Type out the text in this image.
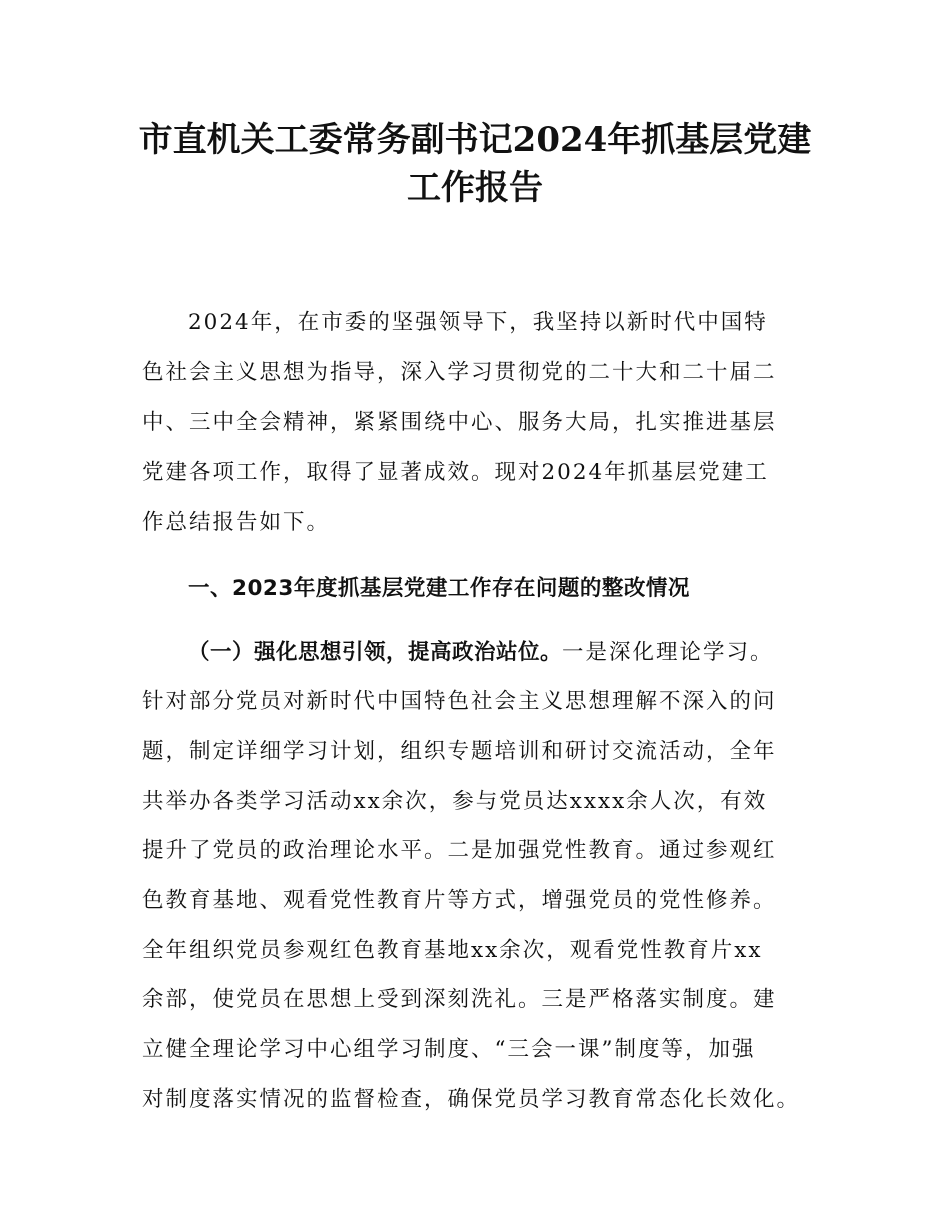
市直机关工委常务副书记2024年抓基层党建
工作报告

2024年，在市委的坚强领导下，我坚持以新时代中国特

色社会主义思想为指导，深入学习贯彻党的二十大和二十届二

中、三中全会精神，紧紧围绕中心、服务大局，扎实推进基层

党建各项工作，取得了显著成效。现对2024年抓基层党建工

作总结报告如下。

一、2023年度抓基层党建工作存在问题的整改情况

（一）强化思想引领，提高政治站位。一是深化理论学习。

针对部分党员对新时代中国特色社会主义思想理解不深入的问

题，制定详细学习计划，组织专题培训和研讨交流活动，全年

共举办各类学习活动xx余次，参与党员达xxxx余人次，有效

提升了党员的政治理论水平。二是加强党性教育。通过参观红

色教育基地、观看党性教育片等方式，增强党员的党性修养。

全年组织党员参观红色教育基地xx余次，观看党性教育片xx

余部，使党员在思想上受到深刻洗礼。三是严格落实制度。建

立健全理论学习中心组学习制度、“三会一课”制度等，加强

对制度落实情况的监督检查，确保党员学习教育常态化长效化。
